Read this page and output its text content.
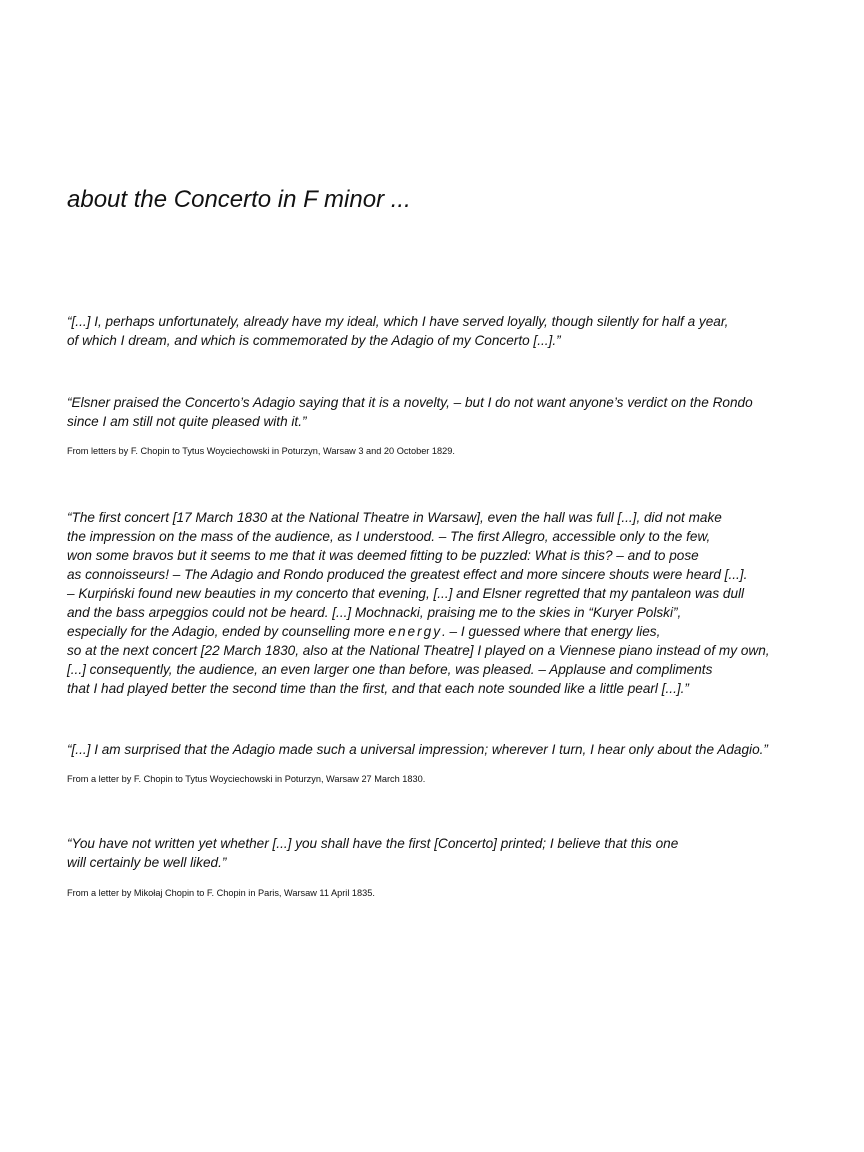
about the Concerto in F minor ...

“[...] I, perhaps unfortunately, already have my ideal, which I have served loyally, though silently for half a year,
of which I dream, and which is commemorated by the Adagio of my Concerto [...].”

“Elsner praised the Concerto’s Adagio saying that it is a novelty, – but I do not want anyone’s verdict on the Rondo
since I am still not quite pleased with it.”

From letters by F. Chopin to Tytus Woyciechowski in Poturzyn, Warsaw 3 and 20 October 1829.

“The first concert [17 March 1830 at the National Theatre in Warsaw], even the hall was full [...], did not make
the impression on the mass of the audience, as I understood. – The first Allegro, accessible only to the few,
won some bravos but it seems to me that it was deemed fitting to be puzzled: What is this? – and to pose
as connoisseurs! – The Adagio and Rondo produced the greatest effect and more sincere shouts were heard [...].
– Kurpiński found new beauties in my concerto that evening, [...] and Elsner regretted that my pantaleon was dull
and the bass arpeggios could not be heard. [...] Mochnacki, praising me to the skies in “Kuryer Polski”,
especially for the Adagio, ended by counselling more energy. – I guessed where that energy lies,
so at the next concert [22 March 1830, also at the National Theatre] I played on a Viennese piano instead of my own,
[...] consequently, the audience, an even larger one than before, was pleased. – Applause and compliments
that I had played better the second time than the first, and that each note sounded like a little pearl [...].”

“[...] I am surprised that the Adagio made such a universal impression; wherever I turn, I hear only about the Adagio.”

From a letter by F. Chopin to Tytus Woyciechowski in Poturzyn, Warsaw 27 March 1830.

“You have not written yet whether [...] you shall have the first [Concerto] printed; I believe that this one
will certainly be well liked.”

From a letter by Mikołaj Chopin to F. Chopin in Paris, Warsaw 11 April 1835.
